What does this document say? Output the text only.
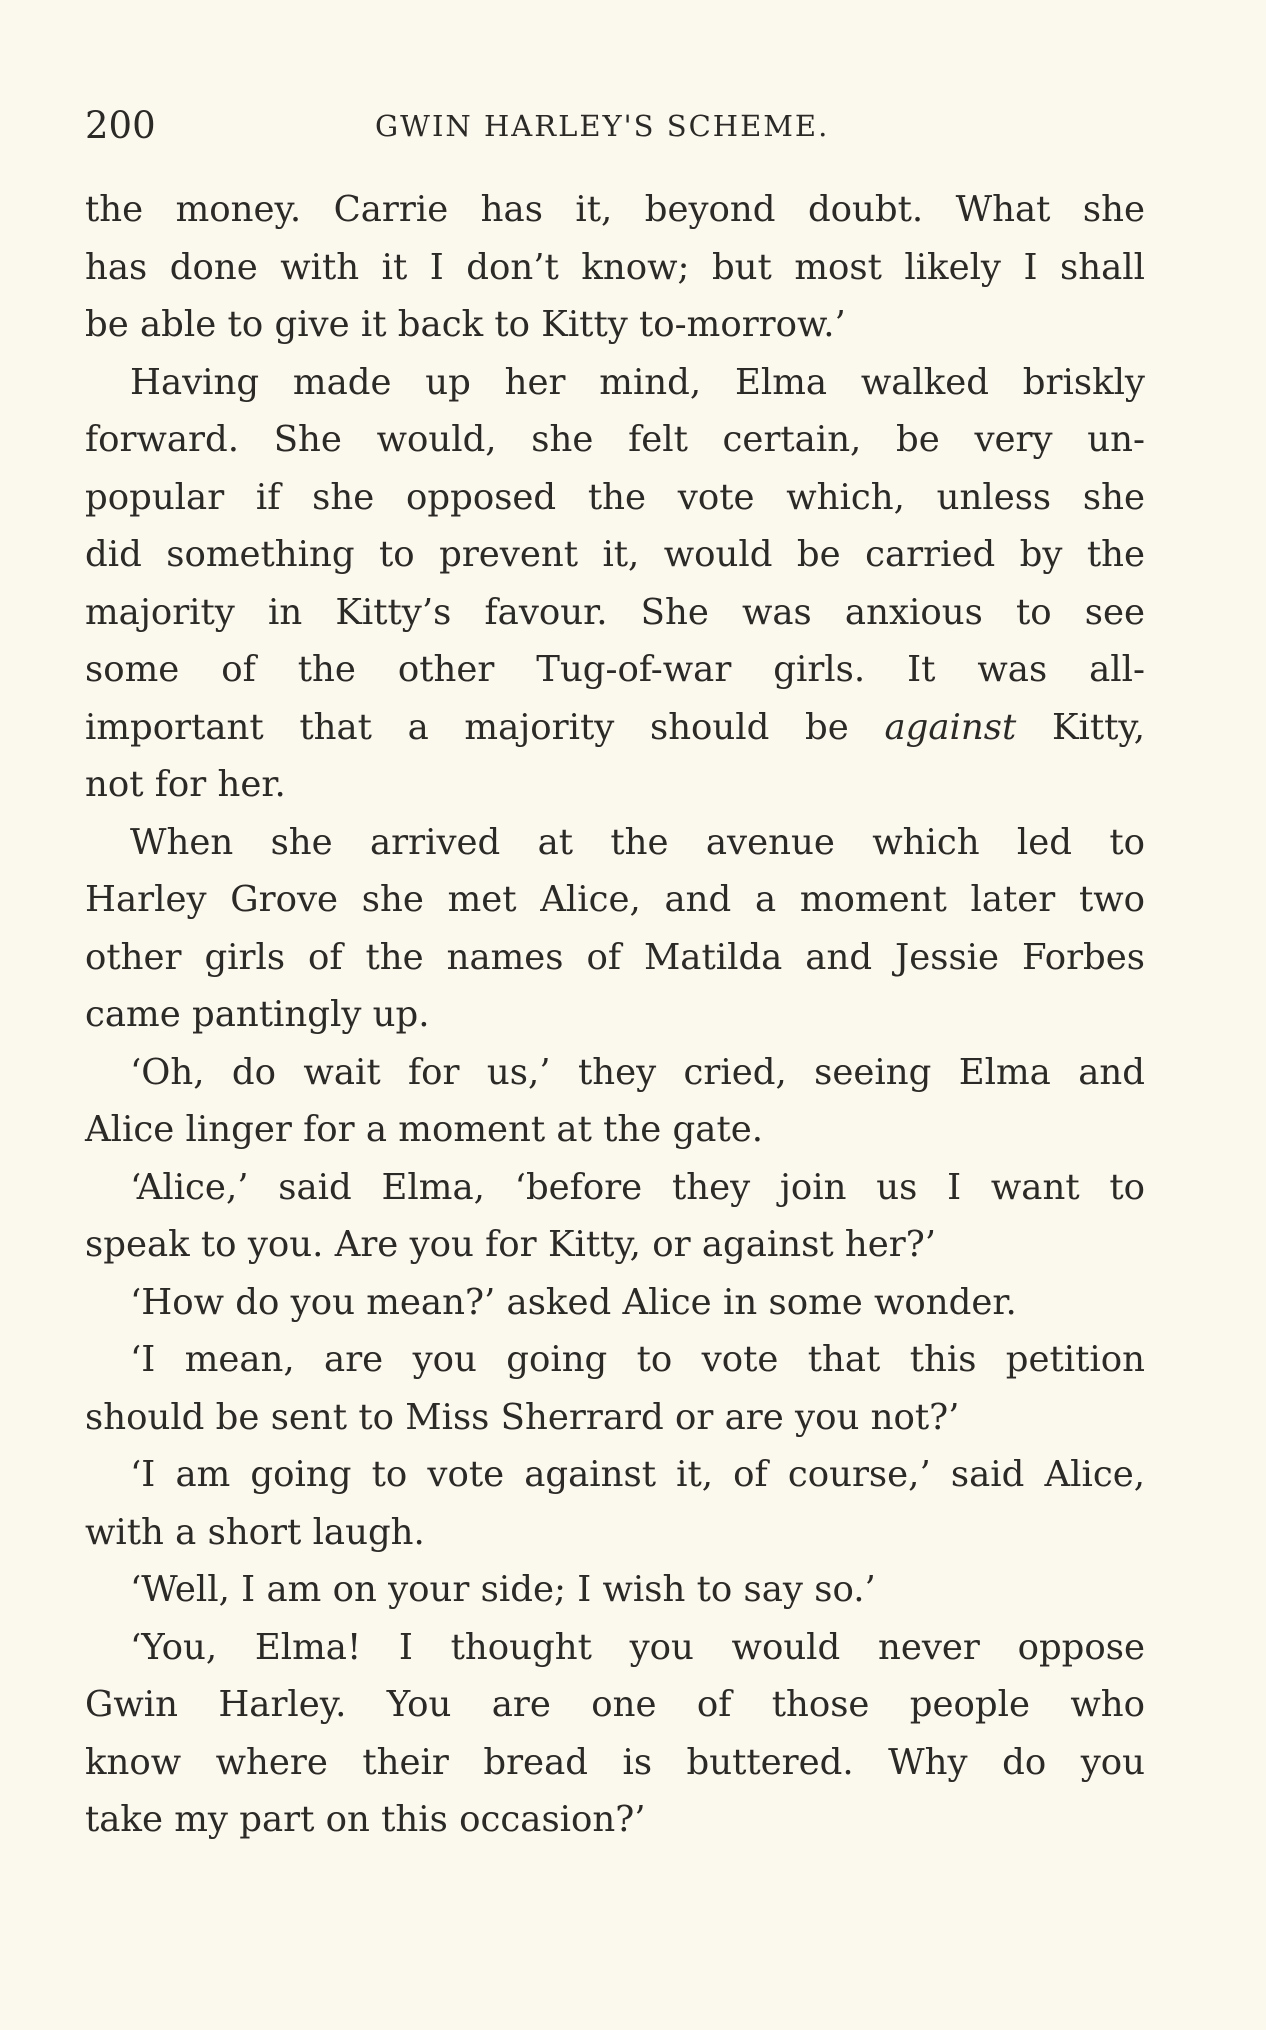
200	GWIN HARLEY'S SCHEME.
the money. Carrie has it, beyond doubt. What she
has done with it I don’t know; but most likely I shall
be able to give it back to Kitty to-morrow.’
Having made up her mind, Elma walked briskly
forward. She would, she felt certain, be very un-
popular if she opposed the vote which, unless she
did something to prevent it, would be carried by the
majority in Kitty’s favour. She was anxious to see
some of the other Tug-of-war girls. It was all-
important that a majority should be against Kitty,
not for her.
When she arrived at the avenue which led to
Harley Grove she met Alice, and a moment later two
other girls of the names of Matilda and Jessie Forbes
came pantingly up.
‘Oh, do wait for us,’ they cried, seeing Elma and
Alice linger for a moment at the gate.
‘Alice,’ said Elma, ‘before they join us I want to
speak to you. Are you for Kitty, or against her?’
‘How do you mean?’ asked Alice in some wonder.
‘I mean, are you going to vote that this petition
should be sent to Miss Sherrard or are you not?’
‘I am going to vote against it, of course,’ said Alice,
with a short laugh.
‘Well, I am on your side; I wish to say so.’
‘You, Elma! I thought you would never oppose
Gwin Harley. You are one of those people who
know where their bread is buttered. Why do you
take my part on this occasion?’
